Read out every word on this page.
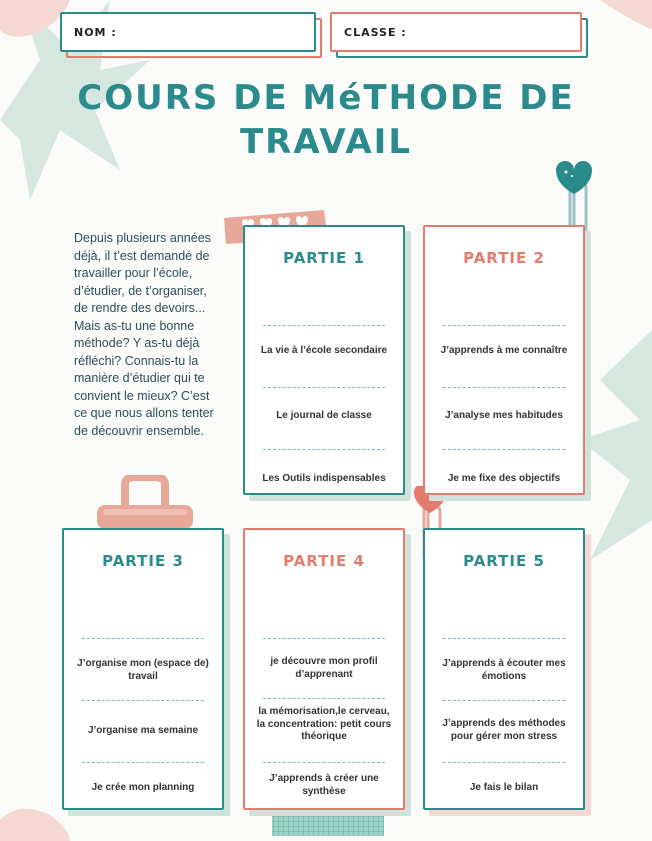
NOM :	CLASSE :
COURS DE MéTHODE DE
TRAVAIL
Depuis plusieurs années déjà, il t’est demandé de travailler pour l’école, d’étudier, de t’organiser, de rendre des devoirs... Mais as-tu une bonne méthode? Y as-tu déjà réfléchi? Connais-tu la manière d’étudier qui te convient le mieux? C’est ce que nous allons tenter de découvrir ensemble.
PARTIE 1
La vie à l’école secondaire
Le journal de classe
Les Outils indispensables
PARTIE 2
J’apprends à me connaître
J’analyse mes habitudes
Je me fixe des objectifs
PARTIE 3
J’organise mon (espace de) travail
J’organise ma semaine
Je crée mon planning
PARTIE 4
je découvre mon profil d’apprenant
la mémorisation,le cerveau, la concentration: petit cours théorique
J’apprends à créer une synthèse
PARTIE 5
J’apprends à écouter mes émotions
J’apprends des méthodes pour gérer mon stress
Je fais le bilan
